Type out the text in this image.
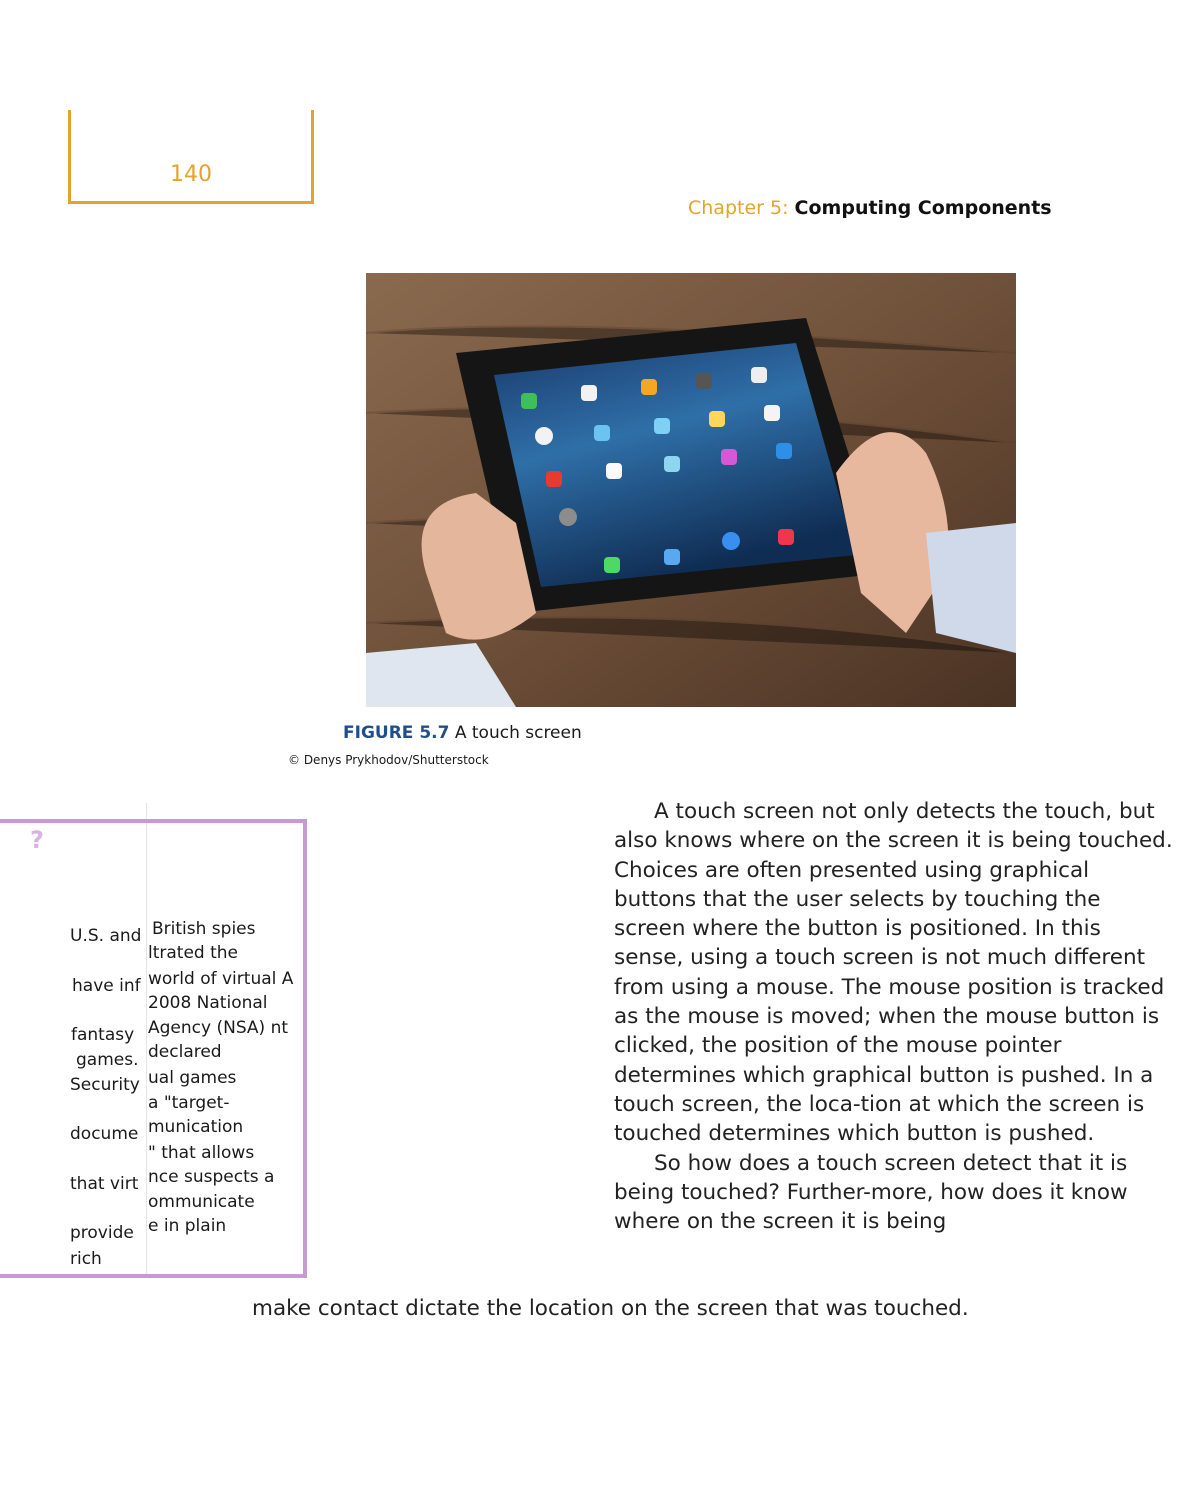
140
Chapter 5: Computing Components
FIGURE 5.7 A touch screen
© Denys Prykhodov/Shutterstock
?
U.S. and
have inf
fantasy
games.
Security
docume
that virt
provide
rich
British spies
ltrated the
world of virtual A
2008 National
Agency (NSA) nt
declared
ual games
a "target-
munication
" that allows
nce suspects a
ommunicate
e in plain

A touch screen not only detects the touch, but also knows where on the screen it is being touched. Choices are often presented using graphical buttons that the user selects by touching the screen where the button is positioned. In this sense, using a touch screen is not much different from using a mouse. The mouse position is tracked as the mouse is moved; when the mouse button is clicked, the position of the mouse pointer determines which graphical button is pushed. In a touch screen, the loca-tion at which the screen is touched determines which button is pushed.

So how does a touch screen detect that it is being touched? Further-more, how does it know where on the screen it is being

make contact dictate the location on the screen that was touched.
